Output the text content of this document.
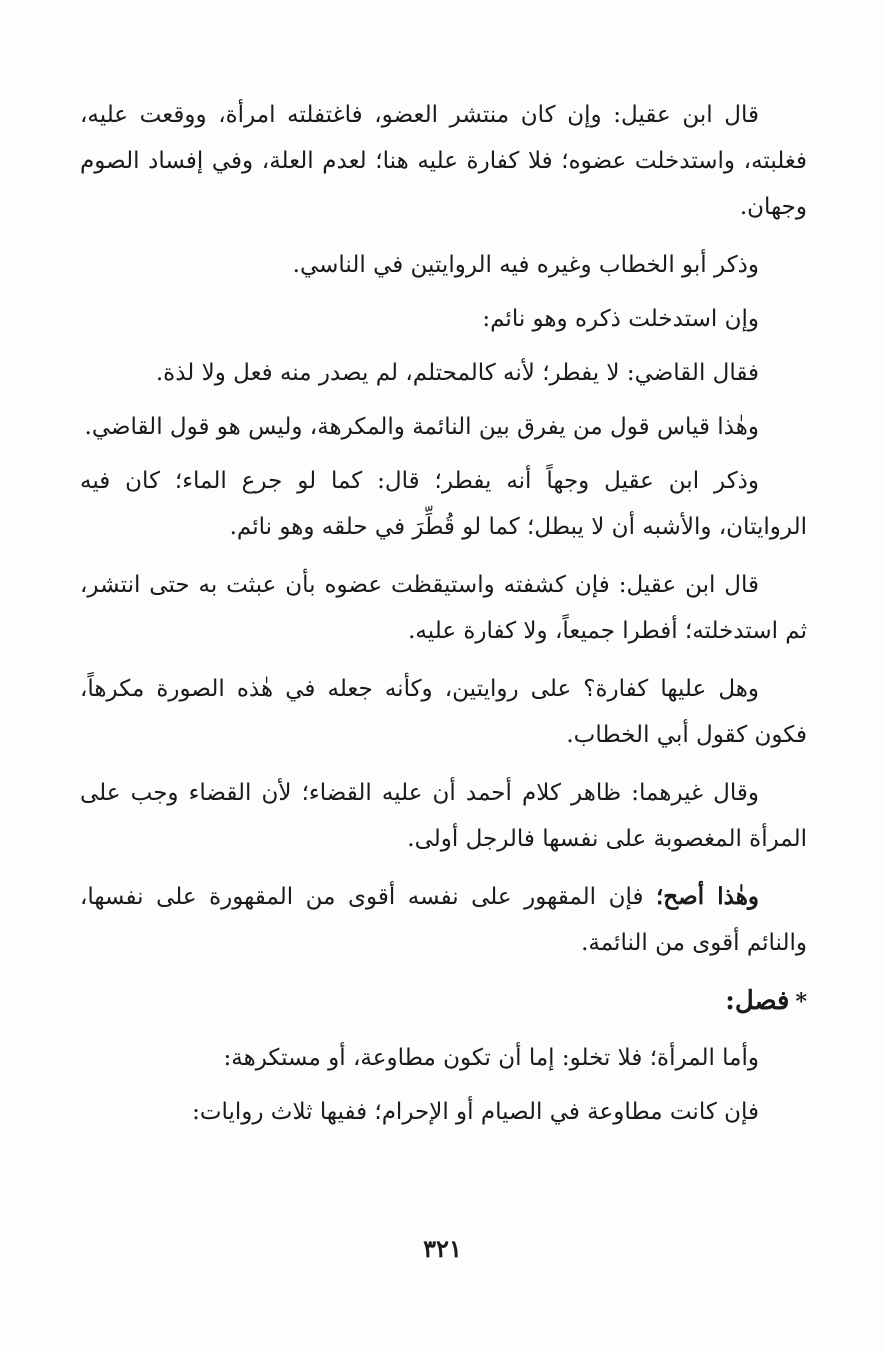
قال ابن عقيل: وإن كان منتشر العضو، فاغتفلته امرأة، ووقعت عليه، فغلبته، واستدخلت عضوه؛ فلا كفارة عليه هنا؛ لعدم العلة، وفي إفساد الصوم وجهان.

وذكر أبو الخطاب وغيره فيه الروايتين في الناسي.

وإن استدخلت ذكره وهو نائم:

فقال القاضي: لا يفطر؛ لأنه كالمحتلم، لم يصدر منه فعل ولا لذة.

وهٰذا قياس قول من يفرق بين النائمة والمكرهة، وليس هو قول القاضي.

وذكر ابن عقيل وجهاً أنه يفطر؛ قال: كما لو جرع الماء؛ كان فيه الروايتان، والأشبه أن لا يبطل؛ كما لو قُطِّرَ في حلقه وهو نائم.

قال ابن عقيل: فإن كشفته واستيقظت عضوه بأن عبثت به حتى انتشر، ثم استدخلته؛ أفطرا جميعاً، ولا كفارة عليه.

وهل عليها كفارة؟ على روايتين، وكأنه جعله في هٰذه الصورة مكرهاً، فكون كقول أبي الخطاب.

وقال غيرهما: ظاهر كلام أحمد أن عليه القضاء؛ لأن القضاء وجب على المرأة المغصوبة على نفسها فالرجل أولى.

وهٰذا أصح؛ فإن المقهور على نفسه أقوى من المقهورة على نفسها، والنائم أقوى من النائمة.

*فصل:

وأما المرأة؛ فلا تخلو: إما أن تكون مطاوعة، أو مستكرهة:

فإن كانت مطاوعة في الصيام أو الإحرام؛ ففيها ثلاث روايات:

٣٢١
